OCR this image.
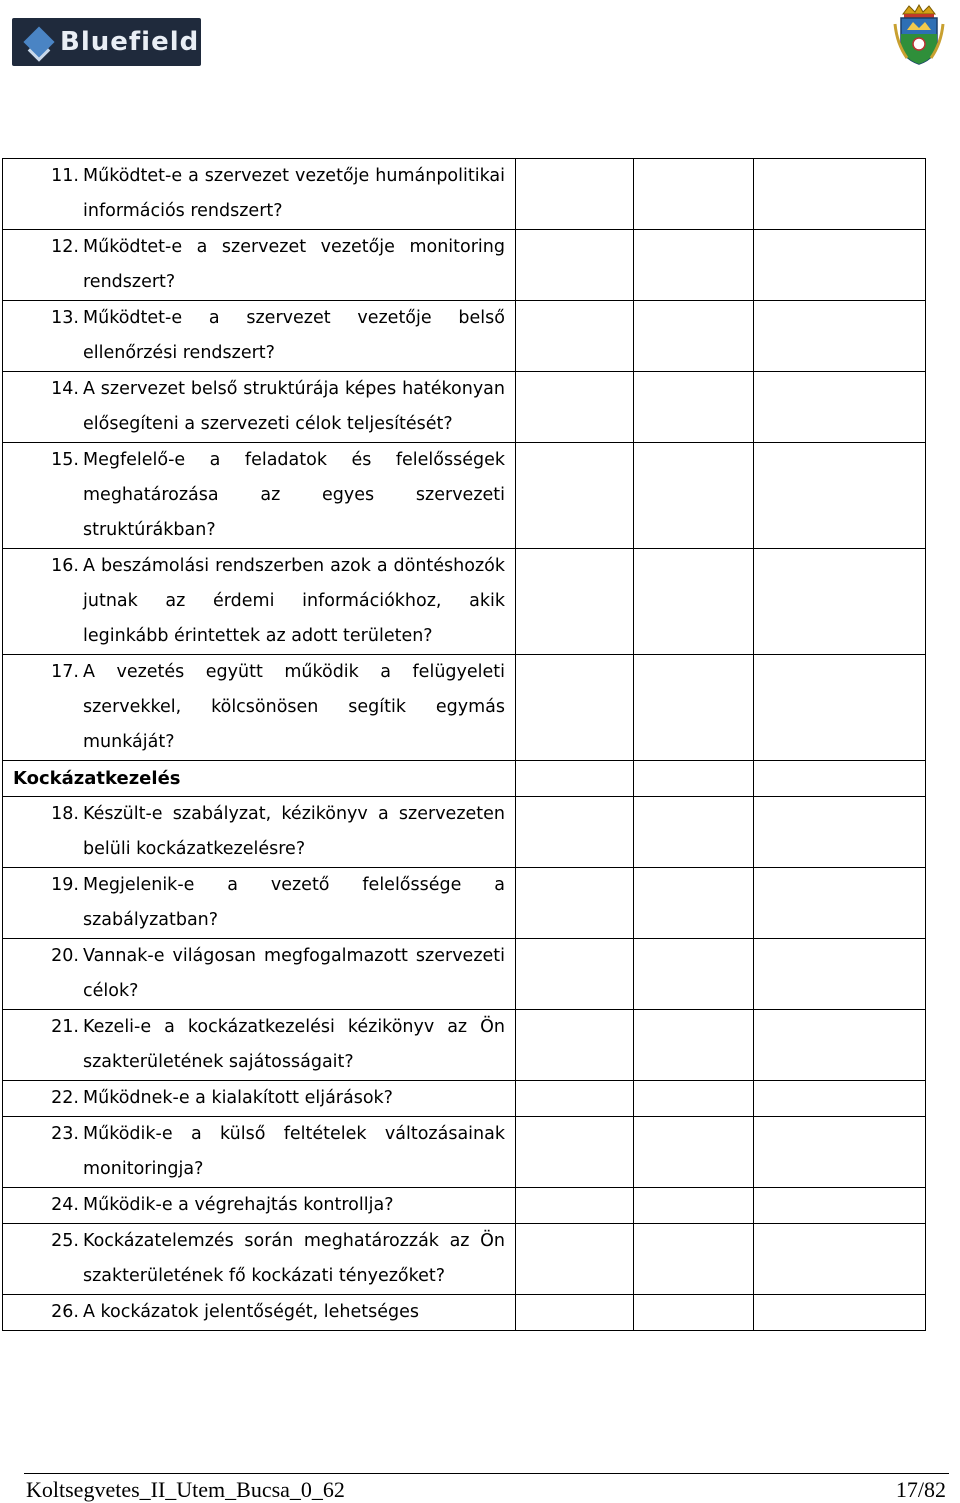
Bluefield
11. Működtet-e a szervezet vezetője humánpolitikai információs rendszert?			

12. Működtet-e a szervezet vezetője monitoring rendszert?			

13. Működtet-e a szervezet vezetője belső ellenőrzési rendszert?			

14. A szervezet belső struktúrája képes hatékonyan elősegíteni a szervezeti célok teljesítését?			

15. Megfelelő-e a feladatok és felelősségek meghatározása az egyes szervezeti struktúrákban?			

16. A beszámolási rendszerben azok a döntéshozók jutnak az érdemi információkhoz, akik leginkább érintettek az adott területen?			

17. A vezetés együtt működik a felügyeleti szervekkel, kölcsönösen segítik egymás munkáját?			

Kockázatkezelés			

18. Készült-e szabályzat, kézikönyv a szervezeten belüli kockázatkezelésre?			

19. Megjelenik-e a vezető felelőssége a szabályzatban?			

20. Vannak-e világosan megfogalmazott szervezeti célok?			

21. Kezeli-e a kockázatkezelési kézikönyv az Ön szakterületének sajátosságait?			

22. Működnek-e a kialakított eljárások?			

23. Működik-e a külső feltételek változásainak monitoringja?			

24. Működik-e a végrehajtás kontrollja?			

25. Kockázatelemzés során meghatározzák az Ön szakterületének fő kockázati tényezőket?			

26. A kockázatok jelentőségét, lehetséges			

Koltsegvetes_II_Utem_Bucsa_0_62	17/82
